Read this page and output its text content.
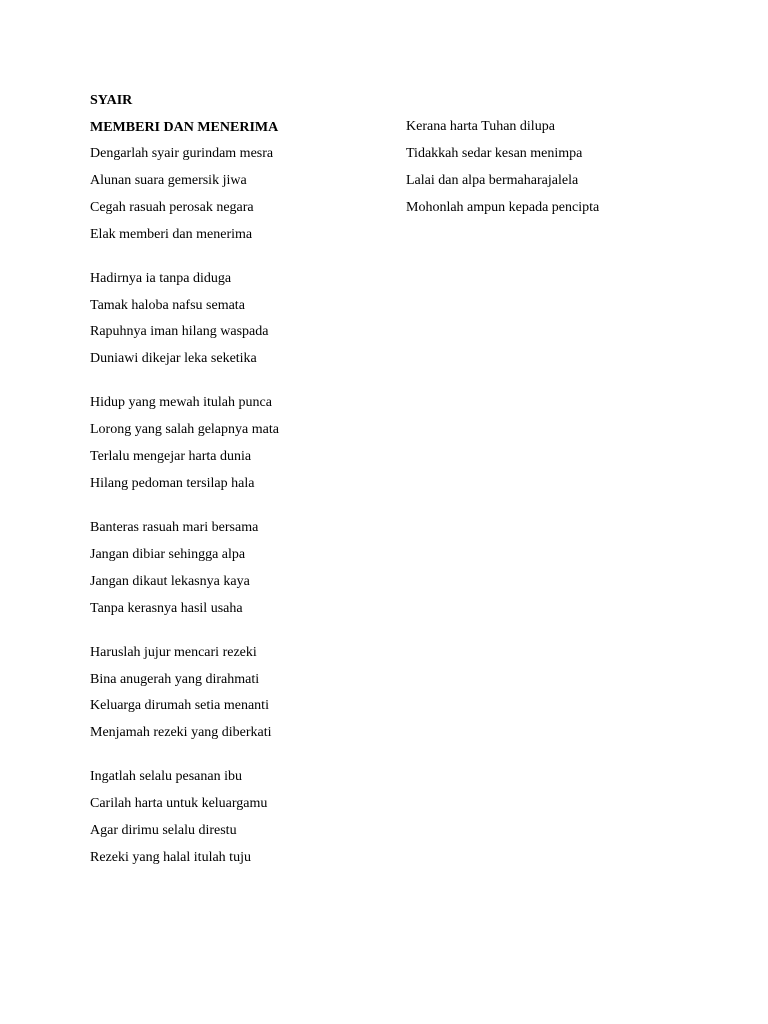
SYAIR
MEMBERI DAN MENERIMA
Dengarlah syair gurindam mesra
Alunan suara gemersik jiwa
Cegah rasuah perosak negara
Elak memberi dan menerima
Hadirnya ia tanpa diduga
Tamak haloba nafsu semata
Rapuhnya iman hilang waspada
Duniawi dikejar leka seketika
Hidup yang mewah itulah punca
Lorong yang salah gelapnya mata
Terlalu mengejar harta dunia
Hilang pedoman tersilap hala
Banteras rasuah mari bersama
Jangan dibiar sehingga alpa
Jangan dikaut lekasnya kaya
Tanpa kerasnya hasil usaha
Haruslah jujur mencari rezeki
Bina anugerah yang dirahmati
Keluarga dirumah setia menanti
Menjamah rezeki yang diberkati
Ingatlah selalu pesanan ibu
Carilah harta untuk keluargamu
Agar dirimu selalu direstu
Rezeki yang halal itulah tuju
Kerana harta Tuhan dilupa
Tidakkah sedar kesan menimpa
Lalai dan alpa bermaharajalela
Mohonlah ampun kepada pencipta
